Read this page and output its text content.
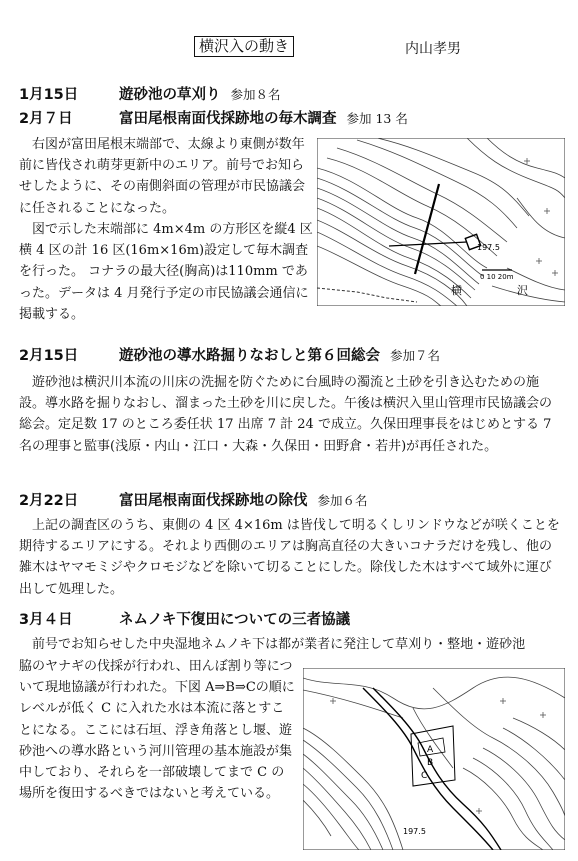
横沢入の動き	内山孝男
1月15日	遊砂池の草刈り 参加８名
2月７日	富田尾根南面伐採跡地の毎木調査 参加 13 名

　右図が富田尾根末端部で、太線より東側が数年前に皆伐され萌芽更新中のエリア。前号でお知らせしたように、その南側斜面の管理が市民協議会に任されることになった。

　図で示した末端部に 4m×4m の方形区を縦4 区横 4 区の計 16 区(16m×16m)設定して毎木調査を行った。 コナラの最大径(胸高)は110mm であった。データは 4 月発行予定の市民協議会通信に掲載する。

197.5
0 10 20m
横	沢
2月15日	遊砂池の導水路掘りなおしと第６回総会 参加７名

　遊砂池は横沢川本流の川床の洗掘を防ぐために台風時の濁流と土砂を引き込むための施設。導水路を掘りなおし、溜まった土砂を川に戻した。午後は横沢入里山管理市民協議会の総会。定足数 17 のところ委任状 17 出席 7 計 24 で成立。久保田理事長をはじめとする 7 名の理事と監事(浅原・内山・江口・大森・久保田・田野倉・若井)が再任された。

2月22日	富田尾根南面伐採跡地の除伐 参加６名

　上記の調査区のうち、東側の 4 区 4×16m は皆伐して明るくしリンドウなどが咲くことを期待するエリアにする。それより西側のエリアは胸高直径の大きいコナラだけを残し、他の雑木はヤマモミジやクロモジなどを除いて切ることにした。除伐した木はすべて域外に運び出して処理した。

3月４日	ネムノキ下復田についての三者協議

　前号でお知らせした中央湿地ネムノキ下は都が業者に発注して草刈り・整地・遊砂池

脇のヤナギの伐採が行われ、田んぼ割り等について現地協議が行われた。下図 A⇒B⇒Cの順にレベルが低く C に入れた水は本流に落とすことになる。ここには石垣、浮き角落とし堰、遊砂池への導水路という河川管理の基本施設が集中しており、それらを一部破壊してまで C の場所を復田するべきではないと考えている。

A
B
C
197.5
